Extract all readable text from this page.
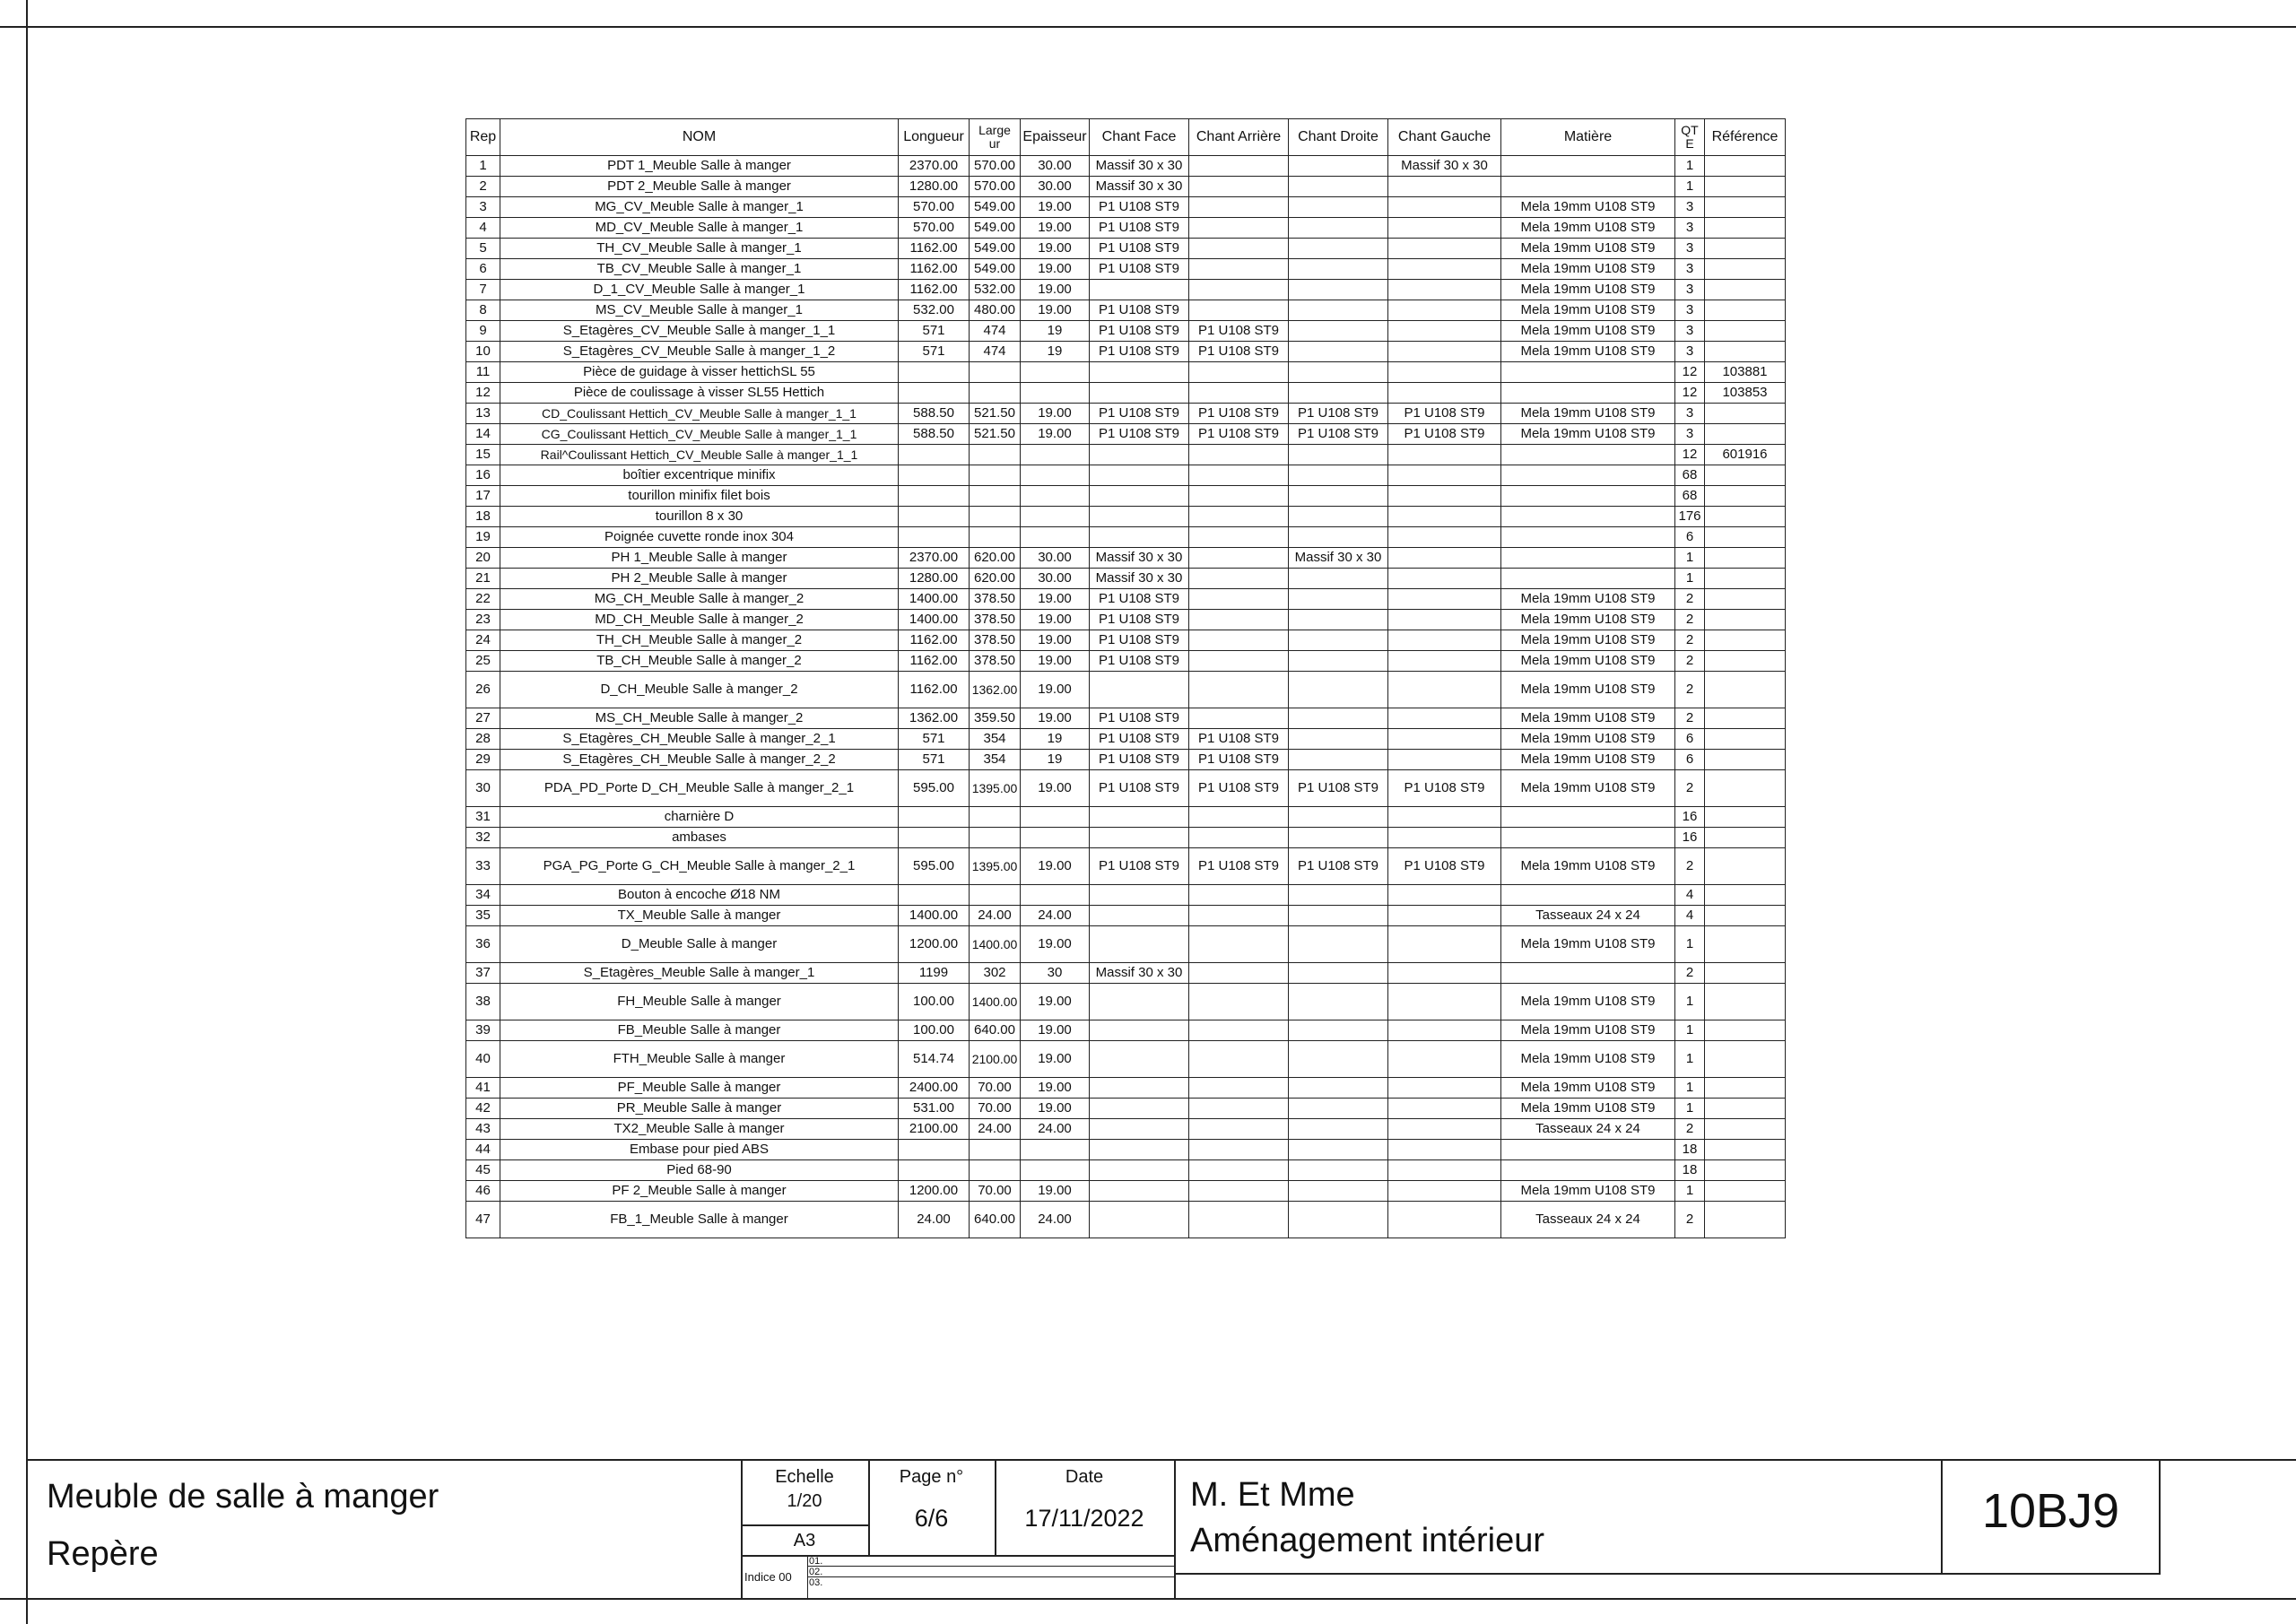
Rep	NOM	Longueur	Large ur	Epaisseur	Chant Face	Chant Arrière	Chant Droite	Chant Gauche	Matière	QT E	Référence
1	PDT 1_Meuble Salle à manger	2370.00	570.00	30.00	Massif 30 x 30			Massif 30 x 30		1	
2	PDT 2_Meuble Salle à manger	1280.00	570.00	30.00	Massif 30 x 30					1	
3	MG_CV_Meuble Salle à manger_1	570.00	549.00	19.00	P1 U108 ST9				Mela 19mm U108 ST9	3	
4	MD_CV_Meuble Salle à manger_1	570.00	549.00	19.00	P1 U108 ST9				Mela 19mm U108 ST9	3	
5	TH_CV_Meuble Salle à manger_1	1162.00	549.00	19.00	P1 U108 ST9				Mela 19mm U108 ST9	3	
6	TB_CV_Meuble Salle à manger_1	1162.00	549.00	19.00	P1 U108 ST9				Mela 19mm U108 ST9	3	
7	D_1_CV_Meuble Salle à manger_1	1162.00	532.00	19.00					Mela 19mm U108 ST9	3	
8	MS_CV_Meuble Salle à manger_1	532.00	480.00	19.00	P1 U108 ST9				Mela 19mm U108 ST9	3	
9	S_Etagères_CV_Meuble Salle à manger_1_1	571	474	19	P1 U108 ST9	P1 U108 ST9			Mela 19mm U108 ST9	3	
10	S_Etagères_CV_Meuble Salle à manger_1_2	571	474	19	P1 U108 ST9	P1 U108 ST9			Mela 19mm U108 ST9	3	
11	Pièce de guidage à visser hettichSL 55									12	103881
12	Pièce de coulissage à visser SL55 Hettich									12	103853
13	CD_Coulissant Hettich_CV_Meuble Salle à manger_1_1	588.50	521.50	19.00	P1 U108 ST9	P1 U108 ST9	P1 U108 ST9	P1 U108 ST9	Mela 19mm U108 ST9	3	
14	CG_Coulissant Hettich_CV_Meuble Salle à manger_1_1	588.50	521.50	19.00	P1 U108 ST9	P1 U108 ST9	P1 U108 ST9	P1 U108 ST9	Mela 19mm U108 ST9	3	
15	Rail^Coulissant Hettich_CV_Meuble Salle à manger_1_1									12	601916
16	boîtier excentrique minifix									68	
17	tourillon minifix filet bois									68	
18	tourillon 8 x 30									176	
19	Poignée cuvette ronde inox 304									6	
20	PH 1_Meuble Salle à manger	2370.00	620.00	30.00	Massif 30 x 30		Massif 30 x 30			1	
21	PH 2_Meuble Salle à manger	1280.00	620.00	30.00	Massif 30 x 30					1	
22	MG_CH_Meuble Salle à manger_2	1400.00	378.50	19.00	P1 U108 ST9				Mela 19mm U108 ST9	2	
23	MD_CH_Meuble Salle à manger_2	1400.00	378.50	19.00	P1 U108 ST9				Mela 19mm U108 ST9	2	
24	TH_CH_Meuble Salle à manger_2	1162.00	378.50	19.00	P1 U108 ST9				Mela 19mm U108 ST9	2	
25	TB_CH_Meuble Salle à manger_2	1162.00	378.50	19.00	P1 U108 ST9				Mela 19mm U108 ST9	2	
26	D_CH_Meuble Salle à manger_2	1162.00	1362.00	19.00					Mela 19mm U108 ST9	2	
27	MS_CH_Meuble Salle à manger_2	1362.00	359.50	19.00	P1 U108 ST9				Mela 19mm U108 ST9	2	
28	S_Etagères_CH_Meuble Salle à manger_2_1	571	354	19	P1 U108 ST9	P1 U108 ST9			Mela 19mm U108 ST9	6	
29	S_Etagères_CH_Meuble Salle à manger_2_2	571	354	19	P1 U108 ST9	P1 U108 ST9			Mela 19mm U108 ST9	6	
30	PDA_PD_Porte D_CH_Meuble Salle à manger_2_1	595.00	1395.00	19.00	P1 U108 ST9	P1 U108 ST9	P1 U108 ST9	P1 U108 ST9	Mela 19mm U108 ST9	2	
31	charnière D									16	
32	ambases									16	
33	PGA_PG_Porte G_CH_Meuble Salle à manger_2_1	595.00	1395.00	19.00	P1 U108 ST9	P1 U108 ST9	P1 U108 ST9	P1 U108 ST9	Mela 19mm U108 ST9	2	
34	Bouton à encoche Ø18 NM									4	
35	TX_Meuble Salle à manger	1400.00	24.00	24.00					Tasseaux 24 x 24	4	
36	D_Meuble Salle à manger	1200.00	1400.00	19.00					Mela 19mm U108 ST9	1	
37	S_Etagères_Meuble Salle à manger_1	1199	302	30	Massif 30 x 30					2	
38	FH_Meuble Salle à manger	100.00	1400.00	19.00					Mela 19mm U108 ST9	1	
39	FB_Meuble Salle à manger	100.00	640.00	19.00					Mela 19mm U108 ST9	1	
40	FTH_Meuble Salle à manger	514.74	2100.00	19.00					Mela 19mm U108 ST9	1	
41	PF_Meuble Salle à manger	2400.00	70.00	19.00					Mela 19mm U108 ST9	1	
42	PR_Meuble Salle à manger	531.00	70.00	19.00					Mela 19mm U108 ST9	1	
43	TX2_Meuble Salle à manger	2100.00	24.00	24.00					Tasseaux 24 x 24	2	
44	Embase pour pied ABS									18	
45	Pied 68-90									18	
46	PF 2_Meuble Salle à manger	1200.00	70.00	19.00					Mela 19mm U108 ST9	1	
47	FB_1_Meuble Salle à manger	24.00	640.00	24.00					Tasseaux 24 x 24	2	
Meuble de salle à manger
Repère
Echelle
1/20
A3
Page n°
6/6
Date
17/11/2022
Indice 00
01.
02.
03.
M. Et Mme
Aménagement intérieur
10BJ9
